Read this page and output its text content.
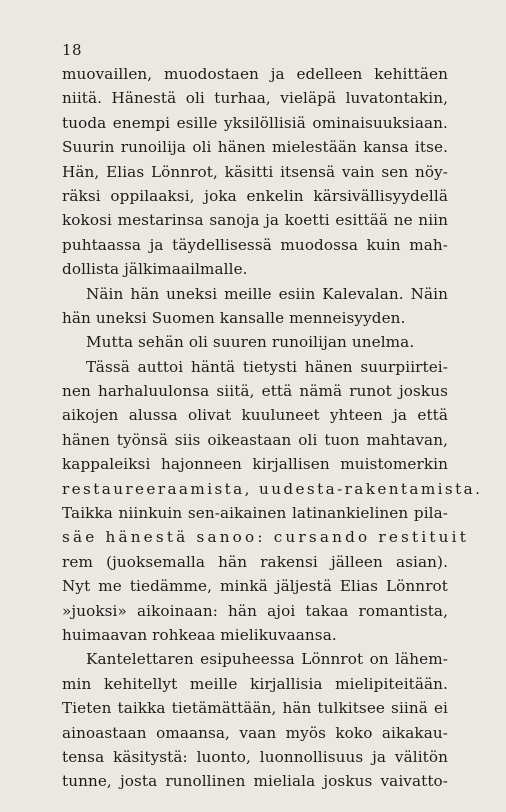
18
muovaillen, muodostaen ja edelleen kehittäen
niitä. Hänestä oli turhaa, vieläpä luvatontakin,
tuoda enempi esille yksilöllisiä ominaisuuksiaan.
Suurin runoilija oli hänen mielestään kansa itse.
Hän, Elias Lönnrot, käsitti itsensä vain sen nöy-
räksi oppilaaksi, joka enkelin kärsivällisyydellä
kokosi mestarinsa sanoja ja koetti esittää ne niin
puhtaassa ja täydellisessä muodossa kuin mah-
dollista jälkimaailmalle.
Näin hän uneksi meille esiin Kalevalan. Näin
hän uneksi Suomen kansalle menneisyyden.
Mutta sehän oli suuren runoilijan unelma.
Tässä auttoi häntä tietysti hänen suurpiirtei-
nen harhaluulonsa siitä, että nämä runot joskus
aikojen alussa olivat kuuluneet yhteen ja että
hänen työnsä siis oikeastaan oli tuon mahtavan,
kappaleiksi hajonneen kirjallisen muistomerkin
restaureeraamista, uudesta-rakentamista.
Taikka niinkuin sen-aikainen latinankielinen pila-
säe hänestä sanoo: cursando restituit
rem (juoksemalla hän rakensi jälleen asian).
Nyt me tiedämme, minkä jäljestä Elias Lönnrot
»juoksi» aikoinaan: hän ajoi takaa romantista,
huimaavan rohkeaa mielikuvaansa.
Kantelettaren esipuheessa Lönnrot on lähem-
min kehitellyt meille kirjallisia mielipiteitään.
Tieten taikka tietämättään, hän tulkitsee siinä ei
ainoastaan omaansa, vaan myös koko aikakau-
tensa käsitystä: luonto, luonnollisuus ja välitön
tunne, josta runollinen mieliala joskus vaivatto-
